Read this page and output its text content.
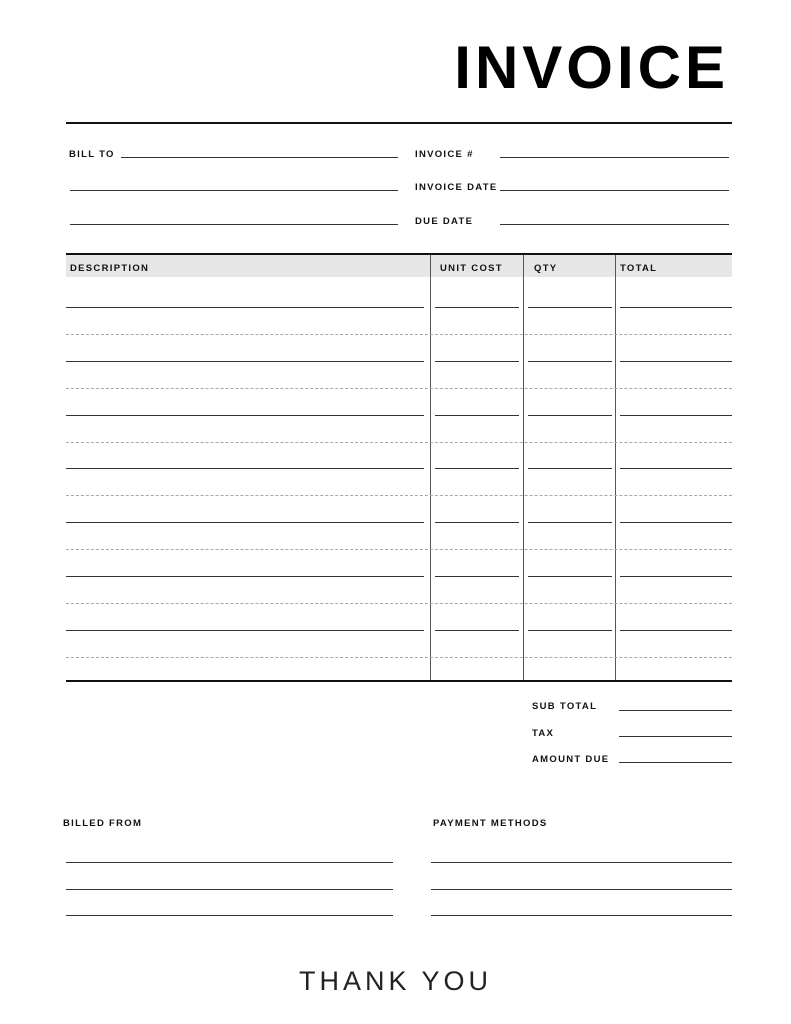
INVOICE
BILL TO	INVOICE #
INVOICE DATE
DUE DATE
DESCRIPTION	UNIT COST	QTY	TOTAL
SUB TOTAL
TAX
AMOUNT DUE
BILLED FROM	PAYMENT METHODS
THANK YOU
